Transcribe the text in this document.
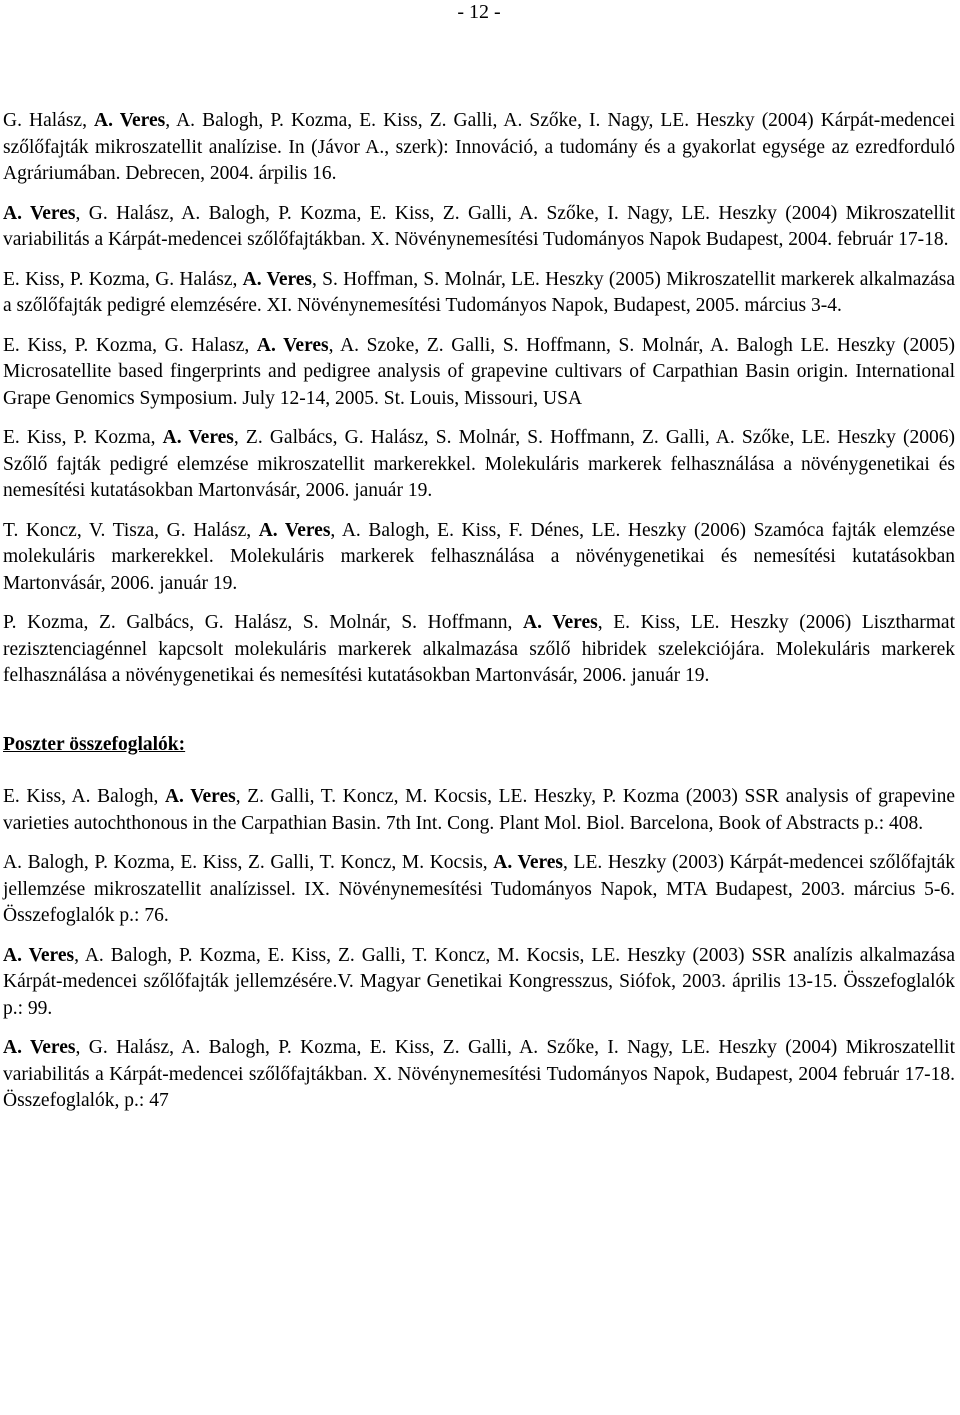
- 12 -

G. Halász, A. Veres, A. Balogh, P. Kozma, E. Kiss, Z. Galli, A. Szőke, I. Nagy, LE. Heszky (2004) Kárpát-medencei szőlőfajták mikroszatellit analízise. In (Jávor A., szerk): Innováció, a tudomány és a gyakorlat egysége az ezredforduló Agráriumában. Debrecen, 2004. árpilis 16.

A. Veres, G. Halász, A. Balogh, P. Kozma, E. Kiss, Z. Galli, A. Szőke, I. Nagy, LE. Heszky (2004) Mikroszatellit variabilitás a Kárpát-medencei szőlőfajtákban. X. Növénynemesítési Tudományos Napok Budapest, 2004. február 17-18.

E. Kiss, P. Kozma, G. Halász, A. Veres, S. Hoffman, S. Molnár, LE. Heszky (2005) Mikroszatellit markerek alkalmazása a szőlőfajták pedigré elemzésére. XI. Növénynemesítési Tudományos Napok, Budapest, 2005. március 3-4.

E. Kiss, P. Kozma, G. Halasz, A. Veres, A. Szoke, Z. Galli, S. Hoffmann, S. Molnár, A. Balogh LE. Heszky (2005) Microsatellite based fingerprints and pedigree analysis of grapevine cultivars of Carpathian Basin origin. International Grape Genomics Symposium. July 12-14, 2005. St. Louis, Missouri, USA

E. Kiss, P. Kozma, A. Veres, Z. Galbács, G. Halász, S. Molnár, S. Hoffmann, Z. Galli, A. Szőke, LE. Heszky (2006) Szőlő fajták pedigré elemzése mikroszatellit markerekkel. Molekuláris markerek felhasználása a növénygenetikai és nemesítési kutatásokban Martonvásár, 2006. január 19.

T. Koncz, V. Tisza, G. Halász, A. Veres, A. Balogh, E. Kiss, F. Dénes, LE. Heszky (2006) Szamóca fajták elemzése molekuláris markerekkel. Molekuláris markerek felhasználása a növénygenetikai és nemesítési kutatásokban Martonvásár, 2006. január 19.

P. Kozma, Z. Galbács, G. Halász, S. Molnár, S. Hoffmann, A. Veres, E. Kiss, LE. Heszky (2006) Lisztharmat rezisztenciagénnel kapcsolt molekuláris markerek alkalmazása szőlő hibridek szelekciójára. Molekuláris markerek felhasználása a növénygenetikai és nemesítési kutatásokban Martonvásár, 2006. január 19.

Poszter összefoglalók:

E. Kiss, A. Balogh, A. Veres, Z. Galli, T. Koncz, M. Kocsis, LE. Heszky, P. Kozma (2003) SSR analysis of grapevine varieties autochthonous in the Carpathian Basin. 7th Int. Cong. Plant Mol. Biol. Barcelona, Book of Abstracts p.: 408.

A. Balogh, P. Kozma, E. Kiss, Z. Galli, T. Koncz, M. Kocsis, A. Veres, LE. Heszky (2003) Kárpát-medencei szőlőfajták jellemzése mikroszatellit analízissel. IX. Növénynemesítési Tudományos Napok, MTA Budapest, 2003. március 5-6. Összefoglalók p.: 76.

A. Veres, A. Balogh, P. Kozma, E. Kiss, Z. Galli, T. Koncz, M. Kocsis, LE. Heszky (2003) SSR analízis alkalmazása Kárpát-medencei szőlőfajták jellemzésére.V. Magyar Genetikai Kongresszus, Siófok, 2003. április 13-15. Összefoglalók p.: 99.

A. Veres, G. Halász, A. Balogh, P. Kozma, E. Kiss, Z. Galli, A. Szőke, I. Nagy, LE. Heszky (2004) Mikroszatellit variabilitás a Kárpát-medencei szőlőfajtákban. X. Növénynemesítési Tudományos Napok, Budapest, 2004 február 17-18. Összefoglalók, p.: 47
